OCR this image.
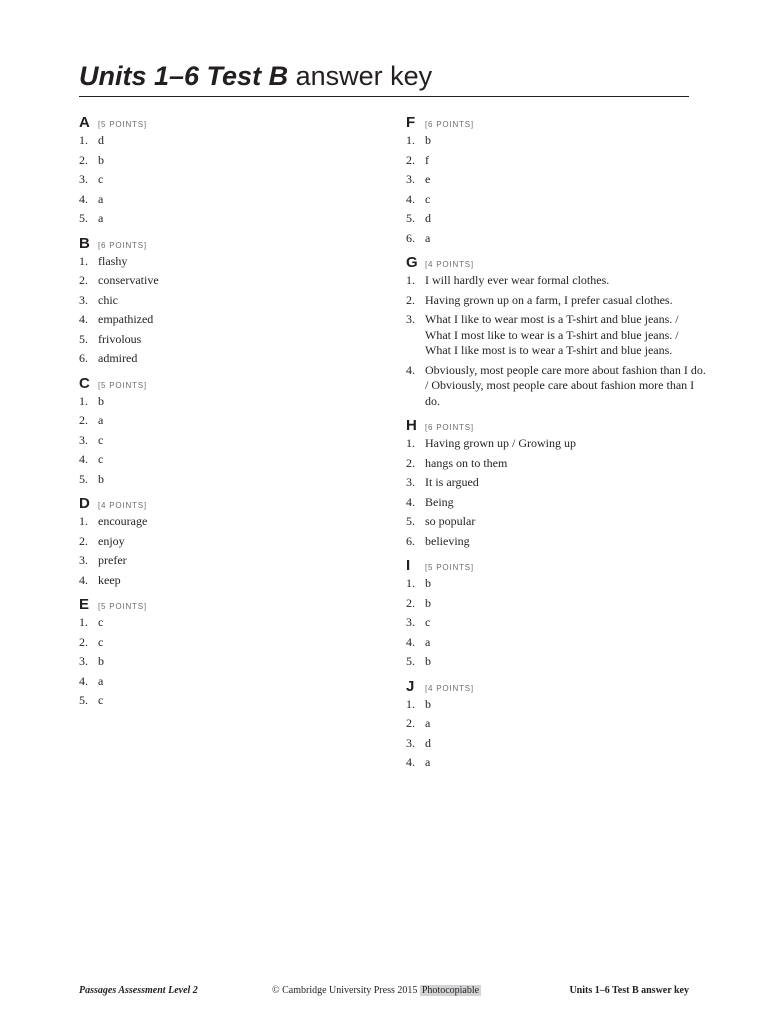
Units 1–6 Test B answer key
A	[5 POINTS]
1. d
2. b
3. c
4. a
5. a
B	[6 POINTS]
1. flashy
2. conservative
3. chic
4. empathized
5. frivolous
6. admired
C	[5 POINTS]
1. b
2. a
3. c
4. c
5. b
D	[4 POINTS]
1. encourage
2. enjoy
3. prefer
4. keep
E	[5 POINTS]
1. c
2. c
3. b
4. a
5. c
F	[6 POINTS]
1. b
2. f
3. e
4. c
5. d
6. a
G [4 POINTS]
1. I will hardly ever wear formal clothes.
2. Having grown up on a farm, I prefer casual clothes.
3. What I like to wear most is a T-shirt and blue jeans. / What I most like to wear is a T-shirt and blue jeans. / What I like most is to wear a T-shirt and blue jeans.
4. Obviously, most people care more about fashion than I do. / Obviously, most people care about fashion more than I do.
H	[6 POINTS]
1. Having grown up / Growing up
2. hangs on to them
3. It is argued
4. Being
5. so popular
6. believing
I	[5 POINTS]
1. b
2. b
3. c
4. a
5. b
J	[4 POINTS]
1. b
2. a
3. d
4. a
Passages Assessment Level 2	© Cambridge University Press 2015 Photocopiable	Units 1–6 Test B answer key
